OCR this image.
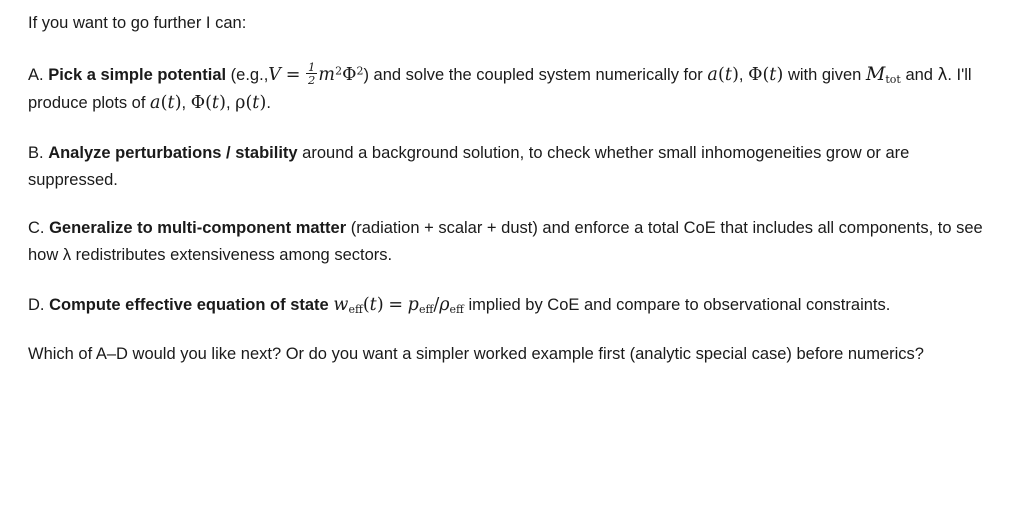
If you want to go further I can:

A. Pick a simple potential $(e.g.,V = \frac{1}{2} m^2\Phi^2)$ and solve the coupled system numerically for a(t), Φ(t) with given $M_{tot}$ and λ. I'll produce plots of a(t), Φ(t), ρ(t).

B. Analyze perturbations / stability around a background solution, to check whether small inhomogeneities grow or are suppressed.

C. Generalize to multi-component matter (radiation + scalar + dust) and enforce a total CoE that includes all components, to see how λ redistributes extensiveness among sectors.

D. Compute effective equation of state $w_{eff}(t) = p_{eff}/\rho_{eff}$ implied by CoE and compare to observational constraints.

Which of A–D would you like next? Or do you want a simpler worked example first (analytic special case) before numerics?
